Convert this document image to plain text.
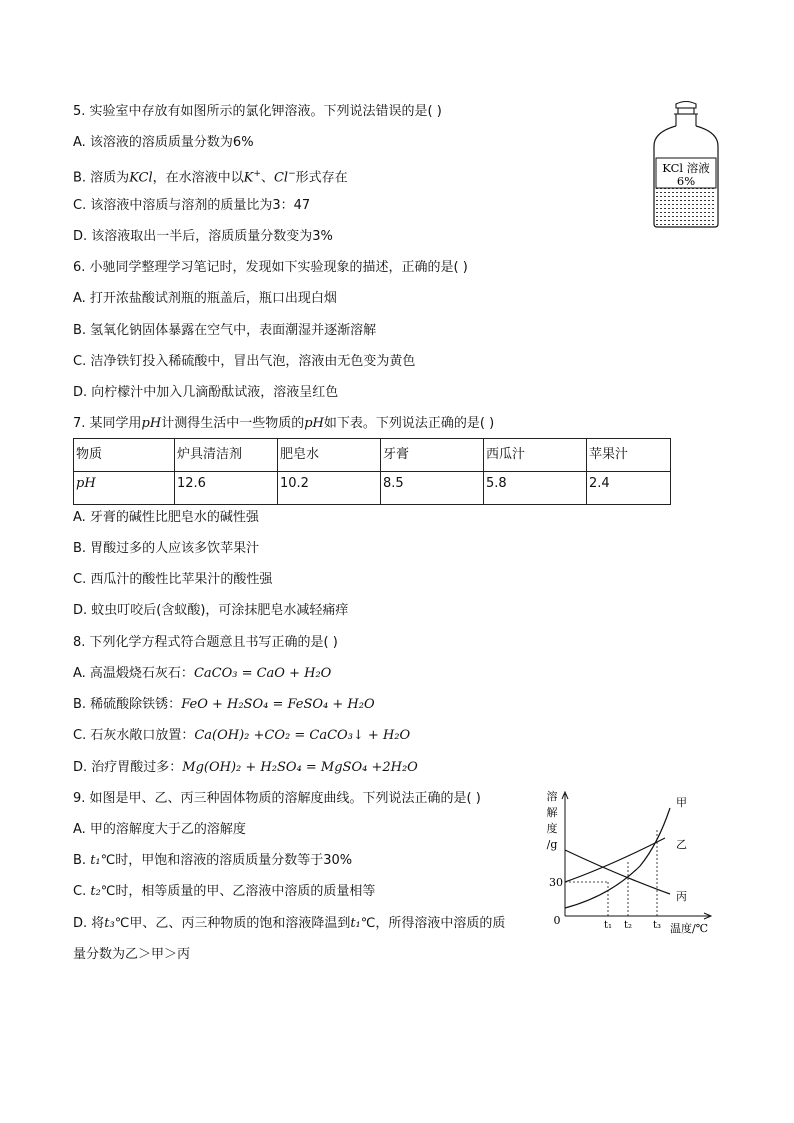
5. 实验室中存放有如图所示的氯化钾溶液。下列说法错误的是( )
A. 该溶液的溶质质量分数为6%
B. 溶质为KCl，在水溶液中以K+、Cl−形式存在
C. 该溶液中溶质与溶剂的质量比为3：47
D. 该溶液取出一半后，溶质质量分数变为3%
KCl 溶液
6%
6. 小驰同学整理学习笔记时，发现如下实验现象的描述，正确的是( )
A. 打开浓盐酸试剂瓶的瓶盖后，瓶口出现白烟
B. 氢氧化钠固体暴露在空气中，表面潮湿并逐渐溶解
C. 洁净铁钉投入稀硫酸中，冒出气泡，溶液由无色变为黄色
D. 向柠檬汁中加入几滴酚酞试液，溶液呈红色
7. 某同学用pH计测得生活中一些物质的pH如下表。下列说法正确的是( )
物质	炉具清洁剂	肥皂水	牙膏	西瓜汁	苹果汁
pH	12.6	10.2	8.5	5.8	2.4
A. 牙膏的碱性比肥皂水的碱性强
B. 胃酸过多的人应该多饮苹果汁
C. 西瓜汁的酸性比苹果汁的酸性强
D. 蚊虫叮咬后(含蚁酸)，可涂抹肥皂水减轻痛痒
8. 下列化学方程式符合题意且书写正确的是( )
A. 高温煅烧石灰石：CaCO₃ = CaO + H₂O
B. 稀硫酸除铁锈：FeO + H₂SO₄ = FeSO₄ + H₂O
C. 石灰水敞口放置：Ca(OH)₂ +CO₂ = CaCO₃↓ + H₂O
D. 治疗胃酸过多：Mg(OH)₂ + H₂SO₄ = MgSO₄ +2H₂O
9. 如图是甲、乙、丙三种固体物质的溶解度曲线。下列说法正确的是( )
A. 甲的溶解度大于乙的溶解度
B. t₁℃时，甲饱和溶液的溶质质量分数等于30%
C. t₂℃时，相等质量的甲、乙溶液中溶质的质量相等
D. 将t₃℃甲、乙、丙三种物质的饱和溶液降温到t₁℃，所得溶液中溶质的质
量分数为乙＞甲＞丙
溶
解
度
/g
0
30
甲
乙
丙
t₁ t₂ t₃ 温度/℃
